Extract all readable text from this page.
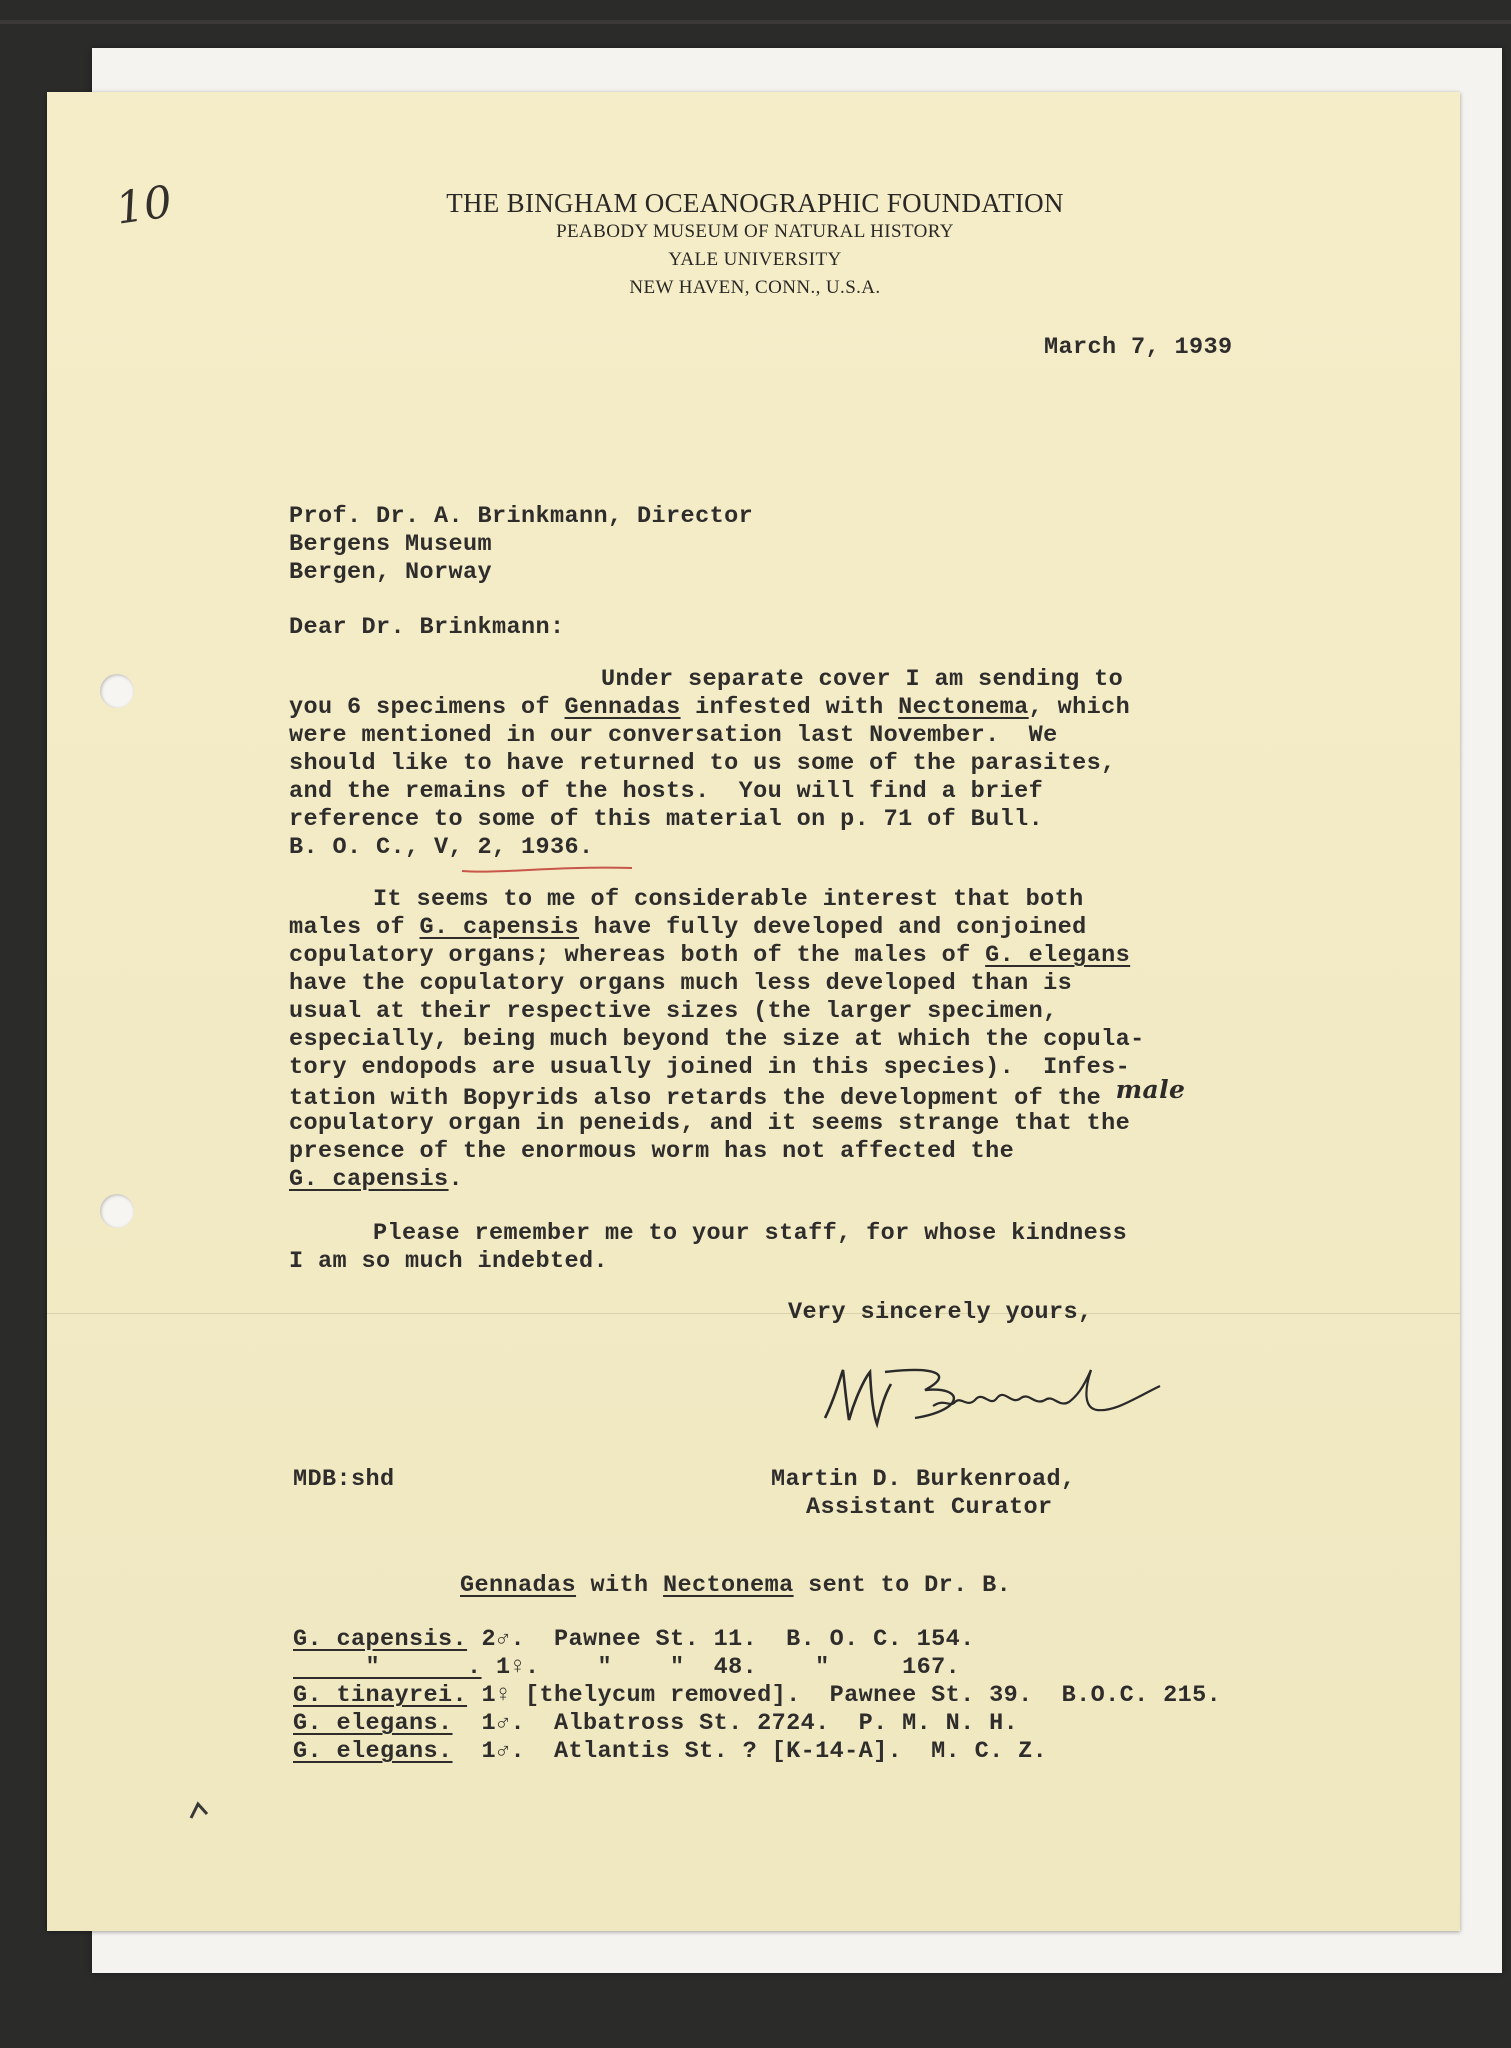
10	THE BINGHAM OCEANOGRAPHIC FOUNDATION
PEABODY MUSEUM OF NATURAL HISTORY
YALE UNIVERSITY
NEW HAVEN, CONN., U.S.A.
March 7, 1939
Prof. Dr. A. Brinkmann, Director
Bergens Museum
Bergen, Norway
Dear Dr. Brinkmann:
Under separate cover I am sending to
you 6 specimens of Gennadas infested with Nectonema, which
were mentioned in our conversation last November.  We
should like to have returned to us some of the parasites,
and the remains of the hosts.  You will find a brief
reference to some of this material on p. 71 of Bull.
B. O. C., V, 2, 1936.
It seems to me of considerable interest that both
males of G. capensis have fully developed and conjoined
copulatory organs; whereas both of the males of G. elegans
have the copulatory organs much less developed than is
usual at their respective sizes (the larger specimen,
especially, being much beyond the size at which the copula-
tory endopods are usually joined in this species).  Infes-
tation with Bopyrids also retards the development of the male
copulatory organ in peneids, and it seems strange that the
presence of the enormous worm has not affected the
G. capensis.
Please remember me to your staff, for whose kindness
I am so much indebted.
Very sincerely yours,
MDB:shd	Martin D. Burkenroad,
Assistant Curator
Gennadas with Nectonema sent to Dr. B.
G. capensis. 2♂.  Pawnee St. 11.  B. O. C. 154.
"      . 1♀.    "    "  48.    "     167.
G. tinayrei. 1♀ [thelycum removed].  Pawnee St. 39.  B.O.C. 215.
G. elegans.  1♂.  Albatross St. 2724.  P. M. N. H.
G. elegans.  1♂.  Atlantis St. ? [K-14-A].  M. C. Z.
